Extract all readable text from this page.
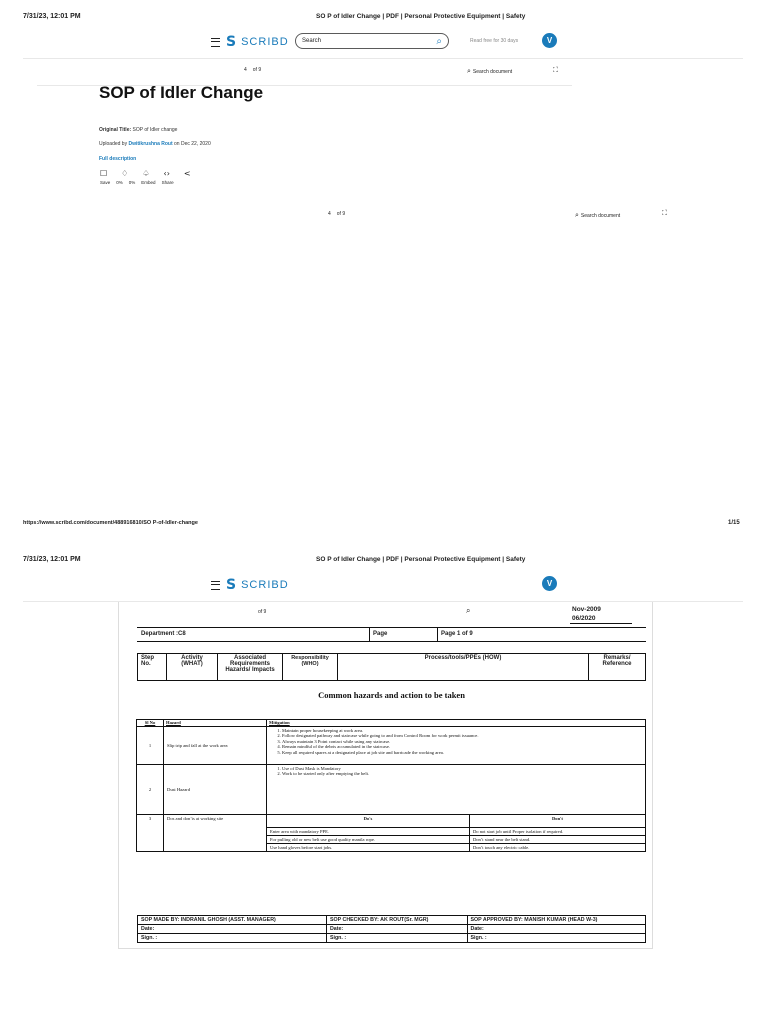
7/31/23, 12:01 PM	SO P of Idler Change | PDF | Personal Protective Equipment | Safety
S SCRIBD Search	⌕	Read free for 30 days	V
4 of 9	⌕ Search document	⛶
SOP of Idler Change
Original Title: SOP of Idler change
Uploaded by Dwitikrushna Rout on Dec 22, 2020
Full description
☐ ♢ ♤ ‹› <
Save 0% 0% Embed Share
4 of 9	⌕ Search document	⛶
https://www.scribd.com/document/488916810/SO P-of-Idler-change	1/15
7/31/23, 12:01 PM	SO P of Idler Change | PDF | Personal Protective Equipment | Safety
S SCRIBD	V
of 9	⌕	Nov-2009
06/2020
Department :C8	Page	Page 1 of 9
Step No.	Activity (WHAT)	Associated Requirements Hazards/ Impacts	Responsibility (WHO)	Process/tools/PPEs (HOW)	Remarks/ Reference
Common hazards and action to be taken
Sl No	Hazard	Mitigation
1	Slip trip and fall at the work area	
1. Maintain proper housekeeping at work area.
2. Follow designated pathway and staircase while going to and from Control Room for work permit issuance.
3. Always maintain 3 Point contact while using any staircase.
4. Remain mindful of the debris accumulated in the staircase.
5. Keep all required spares at a designated place at job site and barricade the working area.

2	Dust Hazard	
1. Use of Dust Mask is Mandatory
2. Work to be started only after emptying the belt.

3	Dos and don’ts at working site		Do's	Don't
Enter area with mandatory PPE.	Do not start job until Proper isolation if required.
For pulling old or new belt use good quality manila rope.	Don’t stand near the belt stand.
Use hand gloves before start jobs.	Don’t touch any electric cable.
SOP MADE BY: INDRANIL GHOSH (ASST. MANAGER)	SOP CHECKED BY: AK ROUT(Sr. MGR)	SOP APPROVED BY: MANISH KUMAR (HEAD W-3)
Date:	Date:	Date:
Sign. :	Sign. :	Sign. :
